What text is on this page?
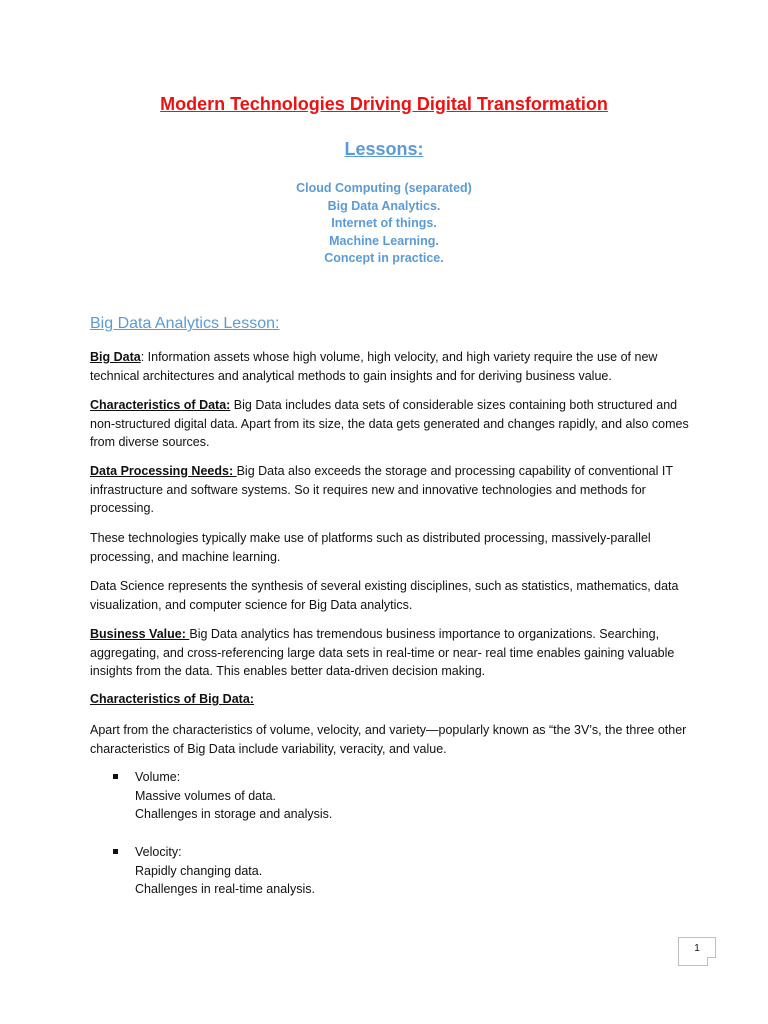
Modern Technologies Driving Digital Transformation
Lessons:
Cloud Computing (separated)
Big Data Analytics.
Internet of things.
Machine Learning.
Concept in practice.
Big Data Analytics Lesson:
Big Data: Information assets whose high volume, high velocity, and high variety require the use of new technical architectures and analytical methods to gain insights and for deriving business value.
Characteristics of Data: Big Data includes data sets of considerable sizes containing both structured and non-structured digital data. Apart from its size, the data gets generated and changes rapidly, and also comes from diverse sources.
Data Processing Needs: Big Data also exceeds the storage and processing capability of conventional IT infrastructure and software systems. So it requires new and innovative technologies and methods for processing.
These technologies typically make use of platforms such as distributed processing, massively-parallel processing, and machine learning.
Data Science represents the synthesis of several existing disciplines, such as statistics, mathematics, data visualization, and computer science for Big Data analytics.
Business Value: Big Data analytics has tremendous business importance to organizations. Searching, aggregating, and cross-referencing large data sets in real-time or near- real time enables gaining valuable insights from the data. This enables better data-driven decision making.
Characteristics of Big Data:
Apart from the characteristics of volume, velocity, and variety—popularly known as “the 3V’s, the three other characteristics of Big Data include variability, veracity, and value.
Volume:
Massive volumes of data.
Challenges in storage and analysis.
Velocity:
Rapidly changing data.
Challenges in real-time analysis.
1
